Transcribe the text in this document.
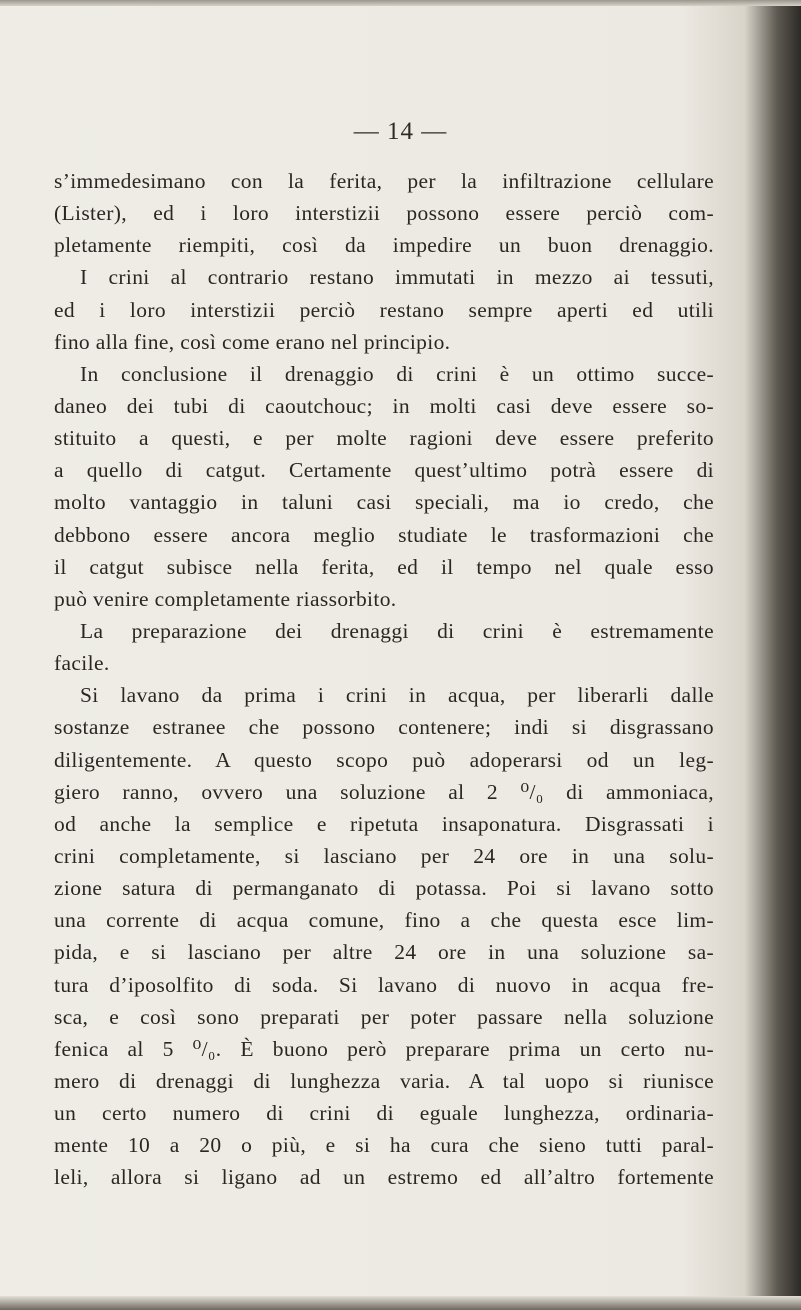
— 14 —
s’immedesimano con la ferita, per la infiltrazione cellulare
(Lister), ed i loro interstizii possono essere perciò com-
pletamente riempiti, così da impedire un buon drenaggio.
I crini al contrario restano immutati in mezzo ai tessuti,
ed i loro interstizii perciò restano sempre aperti ed utili
fino alla fine, così come erano nel principio.
In conclusione il drenaggio di crini è un ottimo succe-
daneo dei tubi di caoutchouc; in molti casi deve essere so-
stituito a questi, e per molte ragioni deve essere preferito
a quello di catgut. Certamente quest’ultimo potrà essere di
molto vantaggio in taluni casi speciali, ma io credo, che
debbono essere ancora meglio studiate le trasformazioni che
il catgut subisce nella ferita, ed il tempo nel quale esso
può venire completamente riassorbito.
La preparazione dei drenaggi di crini è estremamente
facile.
Si lavano da prima i crini in acqua, per liberarli dalle
sostanze estranee che possono contenere; indi si disgrassano
diligentemente. A questo scopo può adoperarsi od un leg-
giero ranno, ovvero una soluzione al 2 ⁰/₀ di ammoniaca,
od anche la semplice e ripetuta insaponatura. Disgrassati i
crini completamente, si lasciano per 24 ore in una solu-
zione satura di permanganato di potassa. Poi si lavano sotto
una corrente di acqua comune, fino a che questa esce lim-
pida, e si lasciano per altre 24 ore in una soluzione sa-
tura d’iposolfito di soda. Si lavano di nuovo in acqua fre-
sca, e così sono preparati per poter passare nella soluzione
fenica al 5 ⁰/₀. È buono però preparare prima un certo nu-
mero di drenaggi di lunghezza varia. A tal uopo si riunisce
un certo numero di crini di eguale lunghezza, ordinaria-
mente 10 a 20 o più, e si ha cura che sieno tutti paral-
leli, allora si ligano ad un estremo ed all’altro fortemente
